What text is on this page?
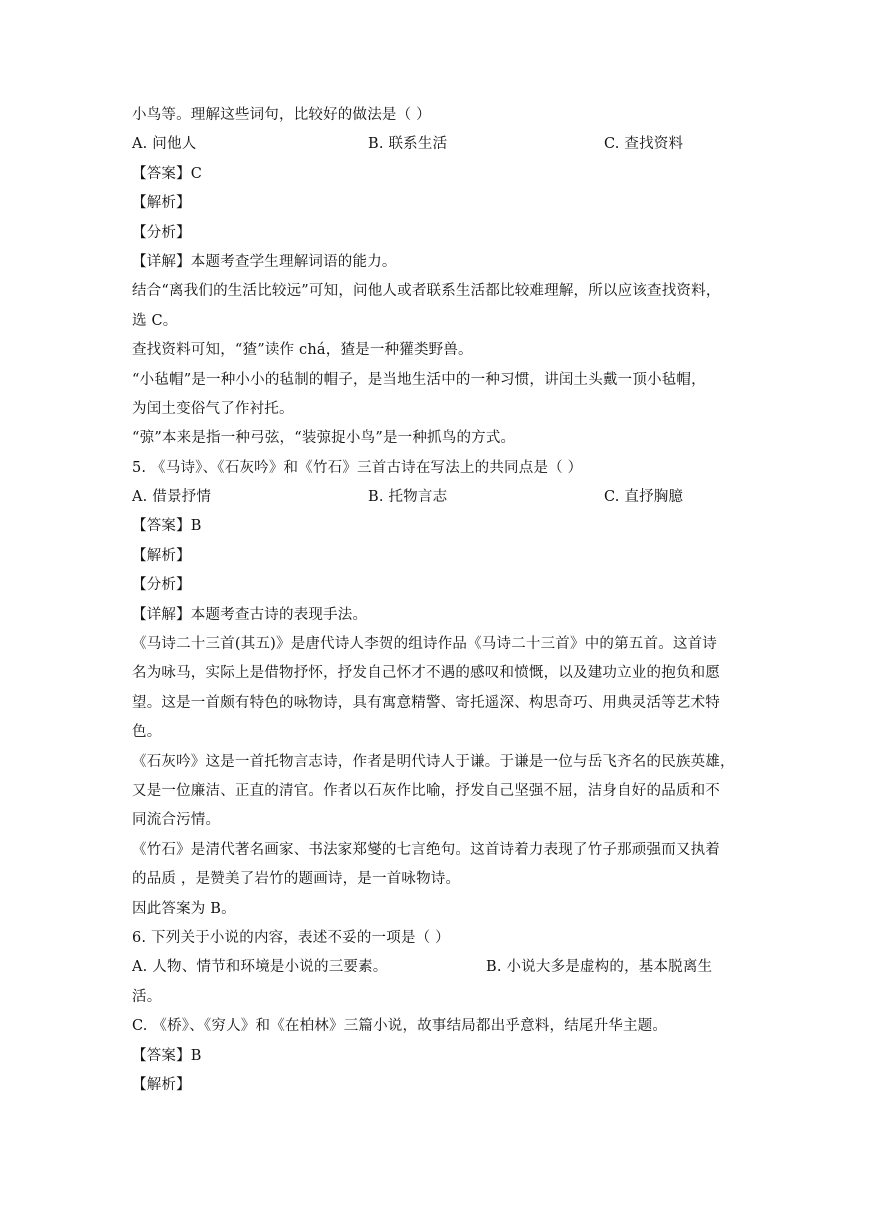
小鸟等。理解这些词句，比较好的做法是（ ）
A. 问他人	B. 联系生活	C. 查找资料
【答案】C
【解析】
【分析】
【详解】本题考查学生理解词语的能力。
结合“离我们的生活比较远”可知，问他人或者联系生活都比较难理解，所以应该查找资料，
选 C。
查找资料可知，“猹”读作 chá，猹是一种獾类野兽。
“小毡帽”是一种小小的毡制的帽子，是当地生活中的一种习惯，讲闰土头戴一顶小毡帽，
为闰土变俗气了作衬托。
“弶”本来是指一种弓弦，“装弶捉小鸟”是一种抓鸟的方式。
5. 《马诗》、《石灰吟》和《竹石》三首古诗在写法上的共同点是（ ）
A. 借景抒情	B. 托物言志	C. 直抒胸臆
【答案】B
【解析】
【分析】
【详解】本题考查古诗的表现手法。
《马诗二十三首(其五)》是唐代诗人李贺的组诗作品《马诗二十三首》中的第五首。这首诗
名为咏马，实际上是借物抒怀，抒发自己怀才不遇的感叹和愤慨，以及建功立业的抱负和愿
望。这是一首颇有特色的咏物诗，具有寓意精警、寄托遥深、构思奇巧、用典灵活等艺术特
色。
《石灰吟》这是一首托物言志诗，作者是明代诗人于谦。于谦是一位与岳飞齐名的民族英雄，
又是一位廉洁、正直的清官。作者以石灰作比喻，抒发自己坚强不屈，洁身自好的品质和不
同流合污情。
《竹石》是清代著名画家、书法家郑燮的七言绝句。这首诗着力表现了竹子那顽强而又执着
的品质 ，是赞美了岩竹的题画诗，是一首咏物诗。
因此答案为 B。
6. 下列关于小说的内容，表述不妥的一项是（ ）
A. 人物、情节和环境是小说的三要素。	B. 小说大多是虚构的，基本脱离生
活。
C. 《桥》、《穷人》和《在柏林》三篇小说，故事结局都出乎意料，结尾升华主题。
【答案】B
【解析】
